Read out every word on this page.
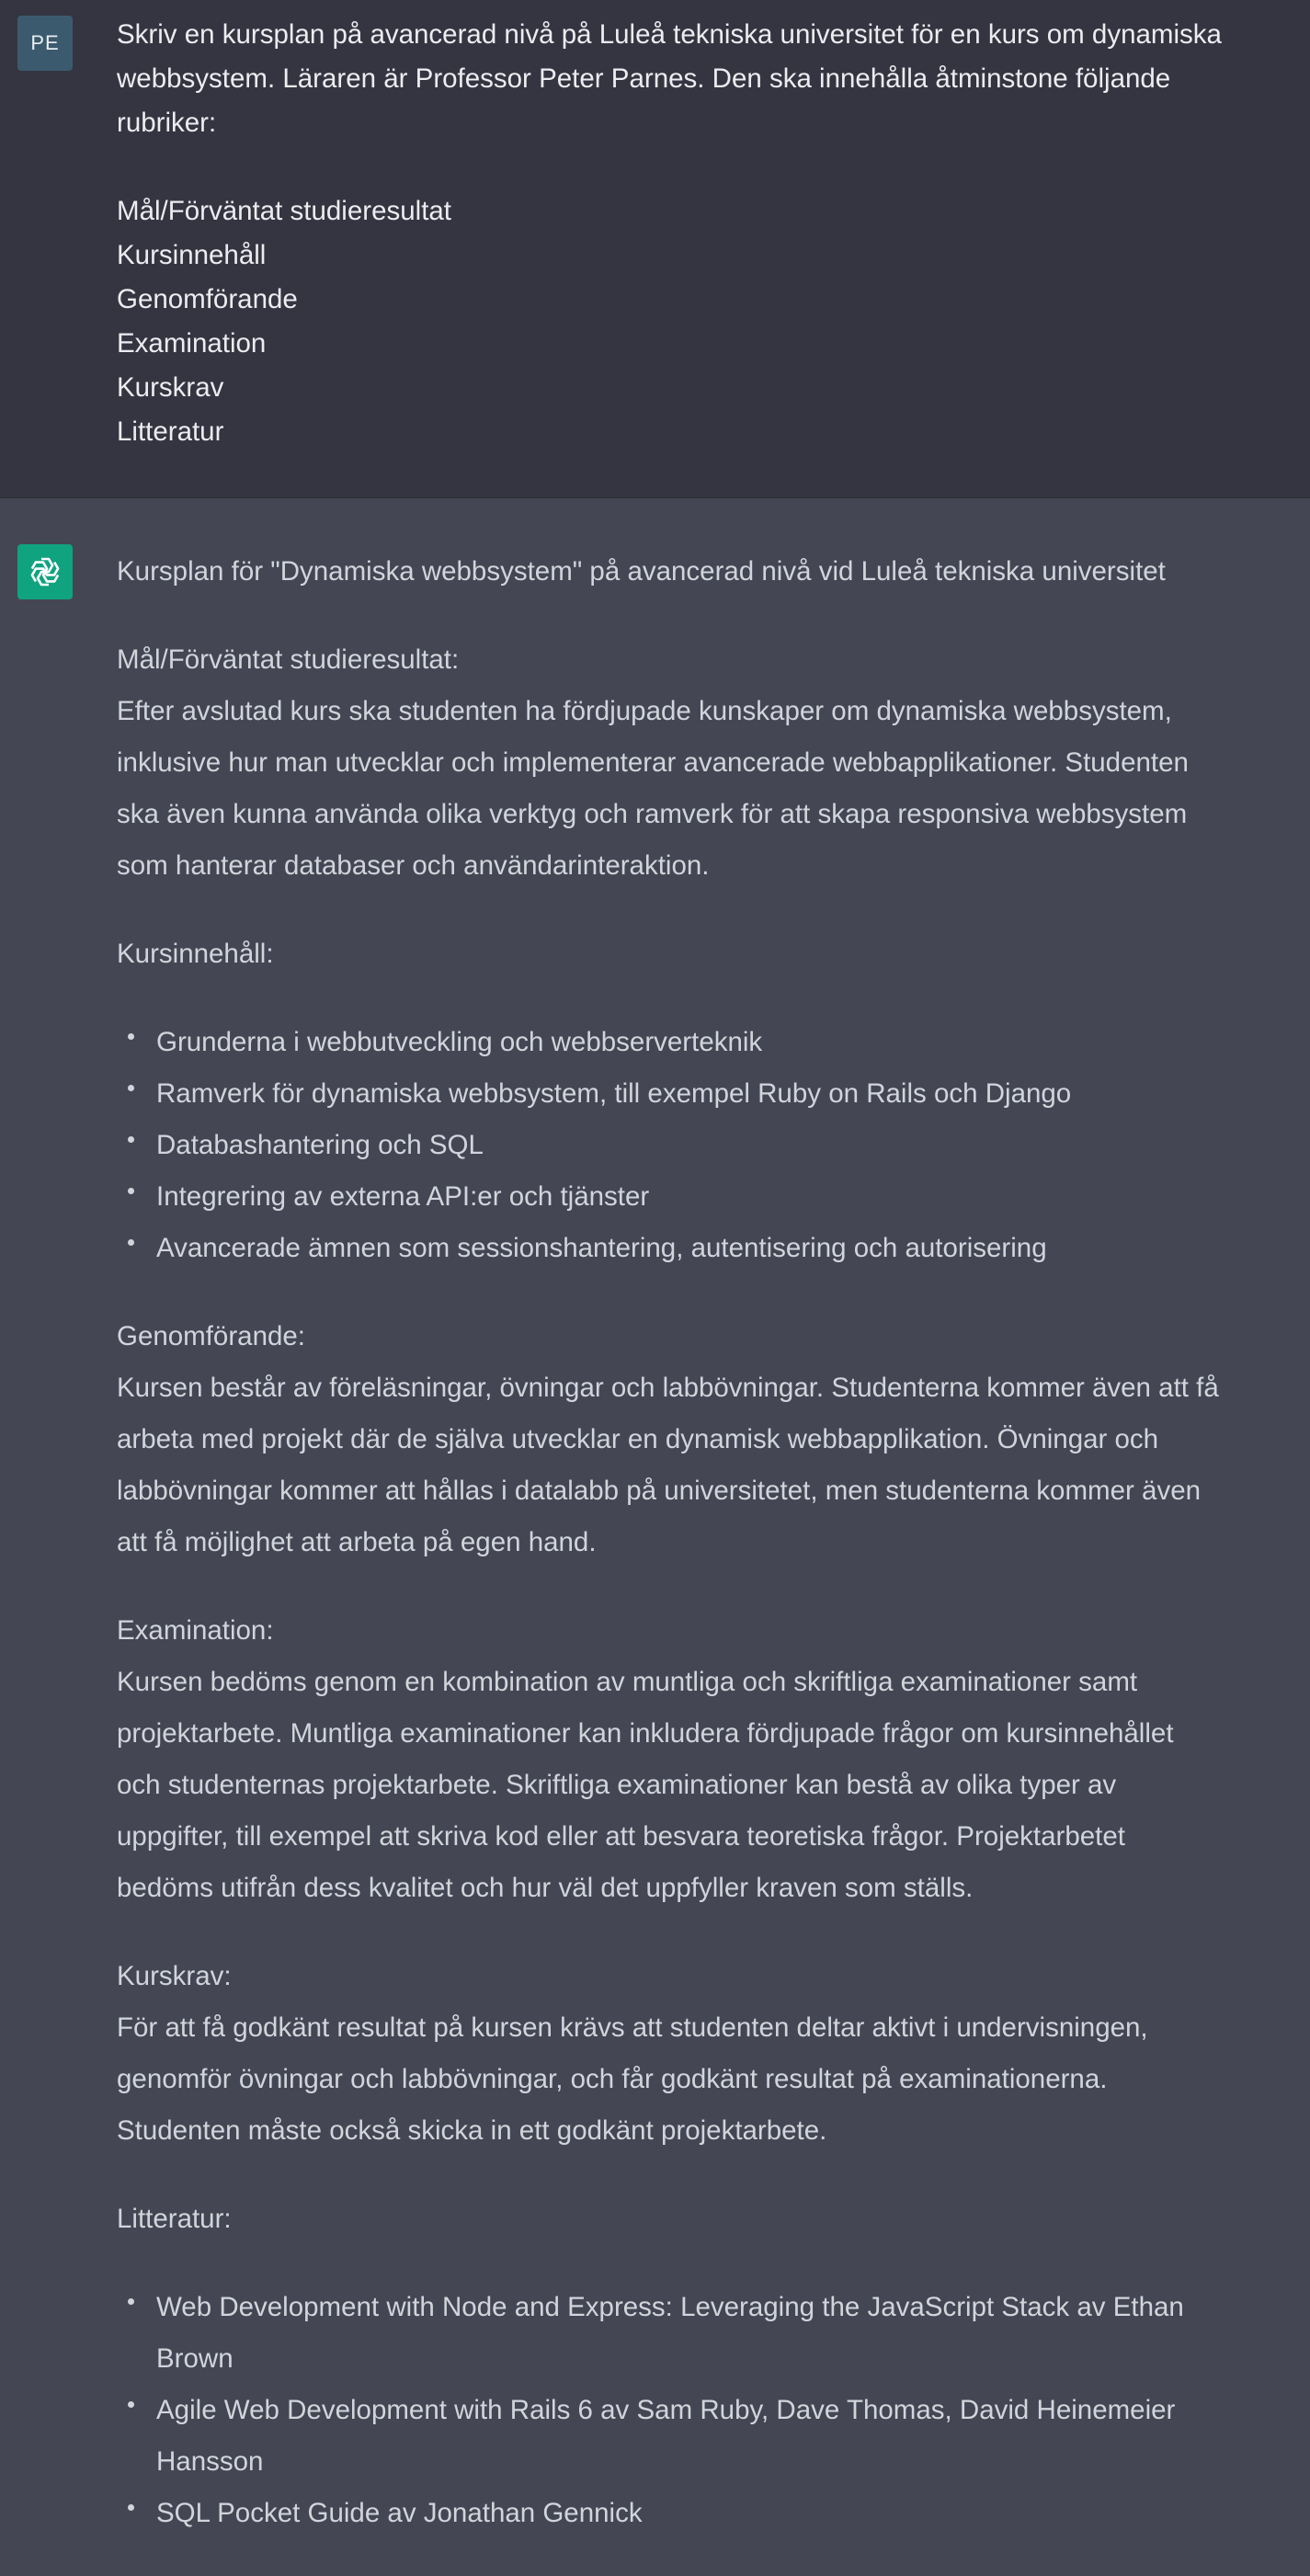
PE	Skriv en kursplan på avancerad nivå på Luleå tekniska universitet för en kurs om dynamiska

webbsystem. Läraren är Professor Peter Parnes. Den ska innehålla åtminstone följande

rubriker:

Mål/Förväntat studieresultat

Kursinnehåll

Genomförande

Examination

Kurskrav

Litteratur

Kursplan för "Dynamiska webbsystem" på avancerad nivå vid Luleå tekniska universitet

Mål/Förväntat studieresultat:

Efter avslutad kurs ska studenten ha fördjupade kunskaper om dynamiska webbsystem,

inklusive hur man utvecklar och implementerar avancerade webbapplikationer. Studenten

ska även kunna använda olika verktyg och ramverk för att skapa responsiva webbsystem

som hanterar databaser och användarinteraktion.

Kursinnehåll:

Grunderna i webbutveckling och webbserverteknik
Ramverk för dynamiska webbsystem, till exempel Ruby on Rails och Django
Databashantering och SQL
Integrering av externa API:er och tjänster
Avancerade ämnen som sessionshantering, autentisering och autorisering

Genomförande:

Kursen består av föreläsningar, övningar och labbövningar. Studenterna kommer även att få

arbeta med projekt där de själva utvecklar en dynamisk webbapplikation. Övningar och

labbövningar kommer att hållas i datalabb på universitetet, men studenterna kommer även

att få möjlighet att arbeta på egen hand.

Examination:

Kursen bedöms genom en kombination av muntliga och skriftliga examinationer samt

projektarbete. Muntliga examinationer kan inkludera fördjupade frågor om kursinnehållet

och studenternas projektarbete. Skriftliga examinationer kan bestå av olika typer av

uppgifter, till exempel att skriva kod eller att besvara teoretiska frågor. Projektarbetet

bedöms utifrån dess kvalitet och hur väl det uppfyller kraven som ställs.

Kurskrav:

För att få godkänt resultat på kursen krävs att studenten deltar aktivt i undervisningen,

genomför övningar och labbövningar, och får godkänt resultat på examinationerna.

Studenten måste också skicka in ett godkänt projektarbete.

Litteratur:

Web Development with Node and Express: Leveraging the JavaScript Stack av Ethan
Brown
Agile Web Development with Rails 6 av Sam Ruby, Dave Thomas, David Heinemeier
Hansson
SQL Pocket Guide av Jonathan Gennick
